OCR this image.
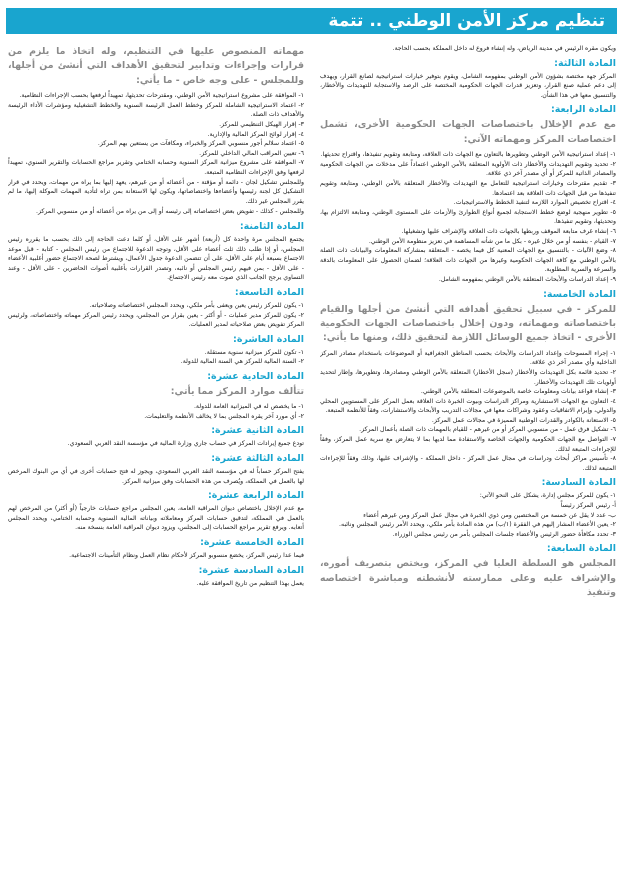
تنظيم مركز الأمن الوطني .. تتمة
ويكون مقره الرئيس في مدينة الرياض، وله إنشاء فروع له داخل المملكة بحسب الحاجة.
المادة الثالثة:
المركز جهة مختصة بشؤون الأمن الوطني بمفهومه الشامل، ويقوم بتوفير خيارات استراتيجية لصانع القرار، ويهدف إلى دعم عملية صنع القرار، وتعزيز قدرات الجهات الحكومية المختصة على الرصد والاستجابة للتهديدات والأخطار، والتنسيق معها في هذا الشأن.
المادة الرابعة:
مع عدم الإخلال باختصاصات الجهات الحكومية الأخرى، تشمل اختصاصات المركز ومهماته الآتي:
١- إعداد استراتيجية الأمن الوطني وتطويرها بالتعاون مع الجهات ذات العلاقة، ومتابعة وتقويم تنفيذها، واقتراح تحديثها.
٢- تحديد وتقويم التهديدات والأخطار ذات الأولوية المتعلقة بالأمن الوطني اعتماداً على مدخلات من الجهات الحكومية والمصادر الذاتية للمركز أو أي مصدر آخر ذي علاقة.
٣- تقديم مقترحات وخيارات استراتيجية للتعامل مع التهديدات والأخطار المتعلقة بالأمن الوطني، ومتابعة وتقويم تنفيذها من قبل الجهات ذات العلاقة بعد اعتمادها.
٤- اقتراح تخصيص الموارد اللازمة لتنفيذ الخطط والاستراتيجيات.
٥- تطوير منهجية لوضع خطط الاستجابة لجميع أنواع الطوارئ والأزمات على المستوى الوطني، ومتابعة الالتزام بها، وتحديثها، وتقويم تنفيذها.
٦- إنشاء غرف متابعة الموقف وربطها بالجهات ذات العلاقة والإشراف عليها وتشغيلها.
٧- القيام - بنفسه أو من خلال غيره - بكل ما من شأنه المساهمة في تعزيز منظومة الأمن الوطني.
٨- وضع الآليات - بالتنسيق مع الجهات المعنية كل فيما يخصه - المتعلقة بمشاركة المعلومات والبيانات ذات الصلة بالأمن الوطني مع كافة الجهات الحكومية وغيرها من الجهات ذات العلاقة؛ لضمان الحصول على المعلومات بالدقة والسرعة والسرية المطلوبة.
٩- إعداد الدراسات والأبحاث المتعلقة بالأمن الوطني بمفهومه الشامل.
المادة الخامسة:
للمركز - في سبيل تحقيق أهدافه التي أنشئ من أجلها والقيام باختصاصاته ومهماته، ودون إخلال باختصاصات الجهات الحكومية الأخرى - اتخاذ جميع الوسائل اللازمة لتحقيق ذلك، ومنها ما يأتي:
١- إجراء المسوحات وإعداد الدراسات والأبحاث بحسب المناطق الجغرافية أو الموضوعات باستخدام مصادر المركز الداخلية وأي مصدر آخر ذي علاقة.
٢- تحديد قائمة بكل التهديدات والأخطار (سجل الأخطار) المتعلقة بالأمن الوطني ومصادرها، وتطويرها، وإطار لتحديد أولويات تلك التهديدات والأخطار.
٣- إنشاء قواعد بيانات ومعلومات خاصة بالموضوعات المتعلقة بالأمن الوطني.
٤- التعاون مع الجهات الاستشارية ومراكز الدراسات وبيوت الخبرة ذات العلاقة بعمل المركز على المستويين المحلي والدولي، وإبرام الاتفاقيات وعقود وشراكات معها في مجالات التدريب والأبحاث والاستشارات، وفقاً للأنظمة المتبعة.
٥- الاستعانة بالكوادر والقدرات الوطنية المميزة في مجالات عمل المركز.
٦- تشكيل فرق عمل - من منسوبي المركز أو من غيرهم - للقيام بالمهمات ذات الصلة بأعمال المركز.
٧- التواصل مع الجهات الحكومية والجهات الخاصة والاستفادة مما لديها بما لا يتعارض مع سرية عمل المركز، وفقاً للإجراءات المتبعة لذلك.
٨- تأسيس مراكز أبحاث ودراسات في مجال عمل المركز - داخل المملكة - والإشراف عليها، وذلك وفقاً للإجراءات المتبعة لذلك.
المادة السادسة:
١- يكون للمركز مجلس إدارة، يشكل على النحو الآتي:
أ- رئيس المركز رئيساً
ب- عدد لا يقل عن خمسة من المختصين ومن ذوي الخبرة في مجال عمل المركز ومن غيرهم أعضاء
٢- يعين الأعضاء المشار إليهم في الفقرة (١/ب) من هذه المادة بأمر ملكي، ويحدد الأمر رئيس المجلس ونائبه.
٣- تحدد مكافأة حضور الرئيس والأعضاء جلسات المجلس بأمر من رئيس مجلس الوزراء.
المادة السابعة:
المجلس هو السلطة العليا في المركز، ويختص بتصريف أموره، والإشراف عليه وعلى ممارسته لأنشطته ومباشرة اختصاصه وتنفيذ
مهماته المنصوص عليها في التنظيم، وله اتخاذ ما يلزم من قرارات وإجراءات وتدابير لتحقيق الأهداف التي أنشئ من أجلها، وللمجلس - على وجه خاص - ما يأتي:
١- الموافقة على مشروع استراتيجية الأمن الوطني، ومقترحات تحديثها، تمهيداً لرفعها بحسب الإجراءات النظامية.
٢- اعتماد الاستراتيجية الشاملة للمركز وخطط العمل الرئيسة السنوية والخطط التشغيلية ومؤشرات الأداء الرئيسة والأهداف ذات الصلة.
٣- إقرار الهيكل التنظيمي للمركز.
٤- إقرار لوائح المركز المالية والإدارية.
٥- اعتماد سلالم أجور منسوبي المركز والخبراء، ومكافآت من يستعين بهم المركز.
٦- تعيين المراقب المالي الداخلي للمركز.
٧- الموافقة على مشروع ميزانية المركز السنوية وحسابه الختامي وتقرير مراجع الحسابات والتقرير السنوي، تمهيداً لرفعها وفق الإجراءات النظامية المتبعة.
وللمجلس تشكيل لجان - دائمة أو مؤقتة - من أعضائه أو من غيرهم، يعهد إليها بما يراه من مهمات، ويحدد في قرار التشكيل كل لجنة رئيسها وأعضاءها واختصاصاتها، ويكون لها الاستعانة بمن تراه لتأدية المهمات الموكلة إليها، ما لم يقرر المجلس غير ذلك.
وللمجلس - كذلك - تفويض بعض اختصاصاته إلى رئيسه أو إلى من يراه من أعضائه أو من منسوبي المركز.
المادة الثامنة:
يجتمع المجلس مرة واحدة كل (أربعة) أشهر على الأقل، أو كلما دعت الحاجة إلى ذلك بحسب ما يقرره رئيس المجلس، أو إذا طلب ذلك ثلث أعضاء على الأقل، وتوجه الدعوة للاجتماع من رئيس المجلس - كتابة - قبل موعد الاجتماع بسبعة أيام على الأقل، على أن تتضمن الدعوة جدول الأعمال، ويشترط لصحة الاجتماع حضور أغلبية الأعضاء - على الأقل - بمن فيهم رئيس المجلس أو نائبه، وتصدر القرارات بأغلبية أصوات الحاضرين - على الأقل - وعند التساوي يرجح الجانب الذي صوت معه رئيس الاجتماع.
المادة التاسعة:
١- يكون للمركز رئيس يعين ويعفى بأمر ملكي، ويحدد المجلس اختصاصاته وصلاحياته.
٢- يكون للمركز مدير عمليات - أو أكثر - يعين بقرار من المجلس، ويحدد رئيس المركز مهماته واختصاصاته، ولرئيس المركز تفويض بعض صلاحياته لمدير العمليات.
المادة العاشرة:
١- تكون للمركز ميزانية سنوية مستقلة.
٢- السنة المالية للمركز هي السنة المالية للدولة.
المادة الحادية عشرة:
تتألف موارد المركز مما يأتي:
١- ما يخصص له في الميزانية العامة للدولة.
٢- أي مورد آخر يقره المجلس بما لا يخالف الأنظمة والتعليمات.
المادة الثانية عشرة:
تودع جميع إيرادات المركز في حساب جاري وزارة المالية في مؤسسة النقد العربي السعودي.
المادة الثالثة عشرة:
يفتح المركز حساباً له في مؤسسة النقد العربي السعودي، ويجوز له فتح حسابات أخرى في أي من البنوك المرخص لها بالعمل في المملكة، ويُصرف من هذه الحسابات وفق ميزانية المركز.
المادة الرابعة عشرة:
مع عدم الإخلال باختصاص ديوان المراقبة العامة، يعين المجلس مراجع حسابات خارجياً (أو أكثر) من المرخص لهم بالعمل في المملكة، لتدقيق حسابات المركز ومعاملاته وبياناته المالية السنوية وحسابه الختامي، ويحدد المجلس أتعابه. ويرفع تقرير مراجع الحسابات إلى المجلس، ويزود ديوان المراقبة العامة بنسخة منه.
المادة الخامسة عشرة:
فيما عدا رئيس المركز، يخضع منسوبو المركز لأحكام نظام العمل ونظام التأمينات الاجتماعية.
المادة السادسة عشرة:
يعمل بهذا التنظيم من تاريخ الموافقة عليه.
